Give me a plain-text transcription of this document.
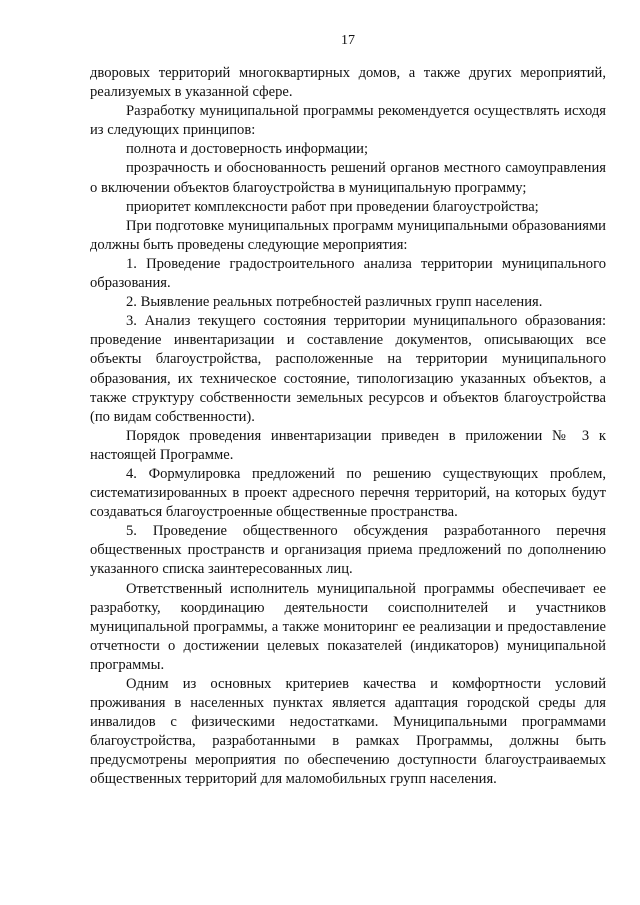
17

дворовых территорий многоквартирных домов, а также других мероприятий, реализуемых в указанной сфере.

Разработку муниципальной программы рекомендуется осуществлять исходя из следующих принципов:

полнота и достоверность информации;

прозрачность и обоснованность решений органов местного самоуправления о включении объектов благоустройства в муниципальную программу;

приоритет комплексности работ при проведении благоустройства;

При подготовке муниципальных программ муниципальными образованиями должны быть проведены следующие мероприятия:

1. Проведение градостроительного анализа территории муниципального образования.

2. Выявление реальных потребностей различных групп населения.

3. Анализ текущего состояния территории муниципального образования: проведение инвентаризации и составление документов, описывающих все объекты благоустройства, расположенные на территории муниципального образования, их техническое состояние, типологизацию указанных объектов, а также структуру собственности земельных ресурсов и объектов благоустройства (по видам собственности).

Порядок проведения инвентаризации приведен в приложении № 3 к настоящей Программе.

4. Формулировка предложений по решению существующих проблем, систематизированных в проект адресного перечня территорий, на которых будут создаваться благоустроенные общественные пространства.

5. Проведение общественного обсуждения разработанного перечня общественных пространств и организация приема предложений по дополнению указанного списка заинтересованных лиц.

Ответственный исполнитель муниципальной программы обеспечивает ее разработку, координацию деятельности соисполнителей и участников муниципальной программы, а также мониторинг ее реализации и предоставление отчетности о достижении целевых показателей (индикаторов) муниципальной программы.

Одним из основных критериев качества и комфортности условий проживания в населенных пунктах является адаптация городской среды для инвалидов с физическими недостатками. Муниципальными программами благоустройства, разработанными в рамках Программы, должны быть предусмотрены мероприятия по обеспечению доступности благоустраиваемых общественных территорий для маломобильных групп населения.
